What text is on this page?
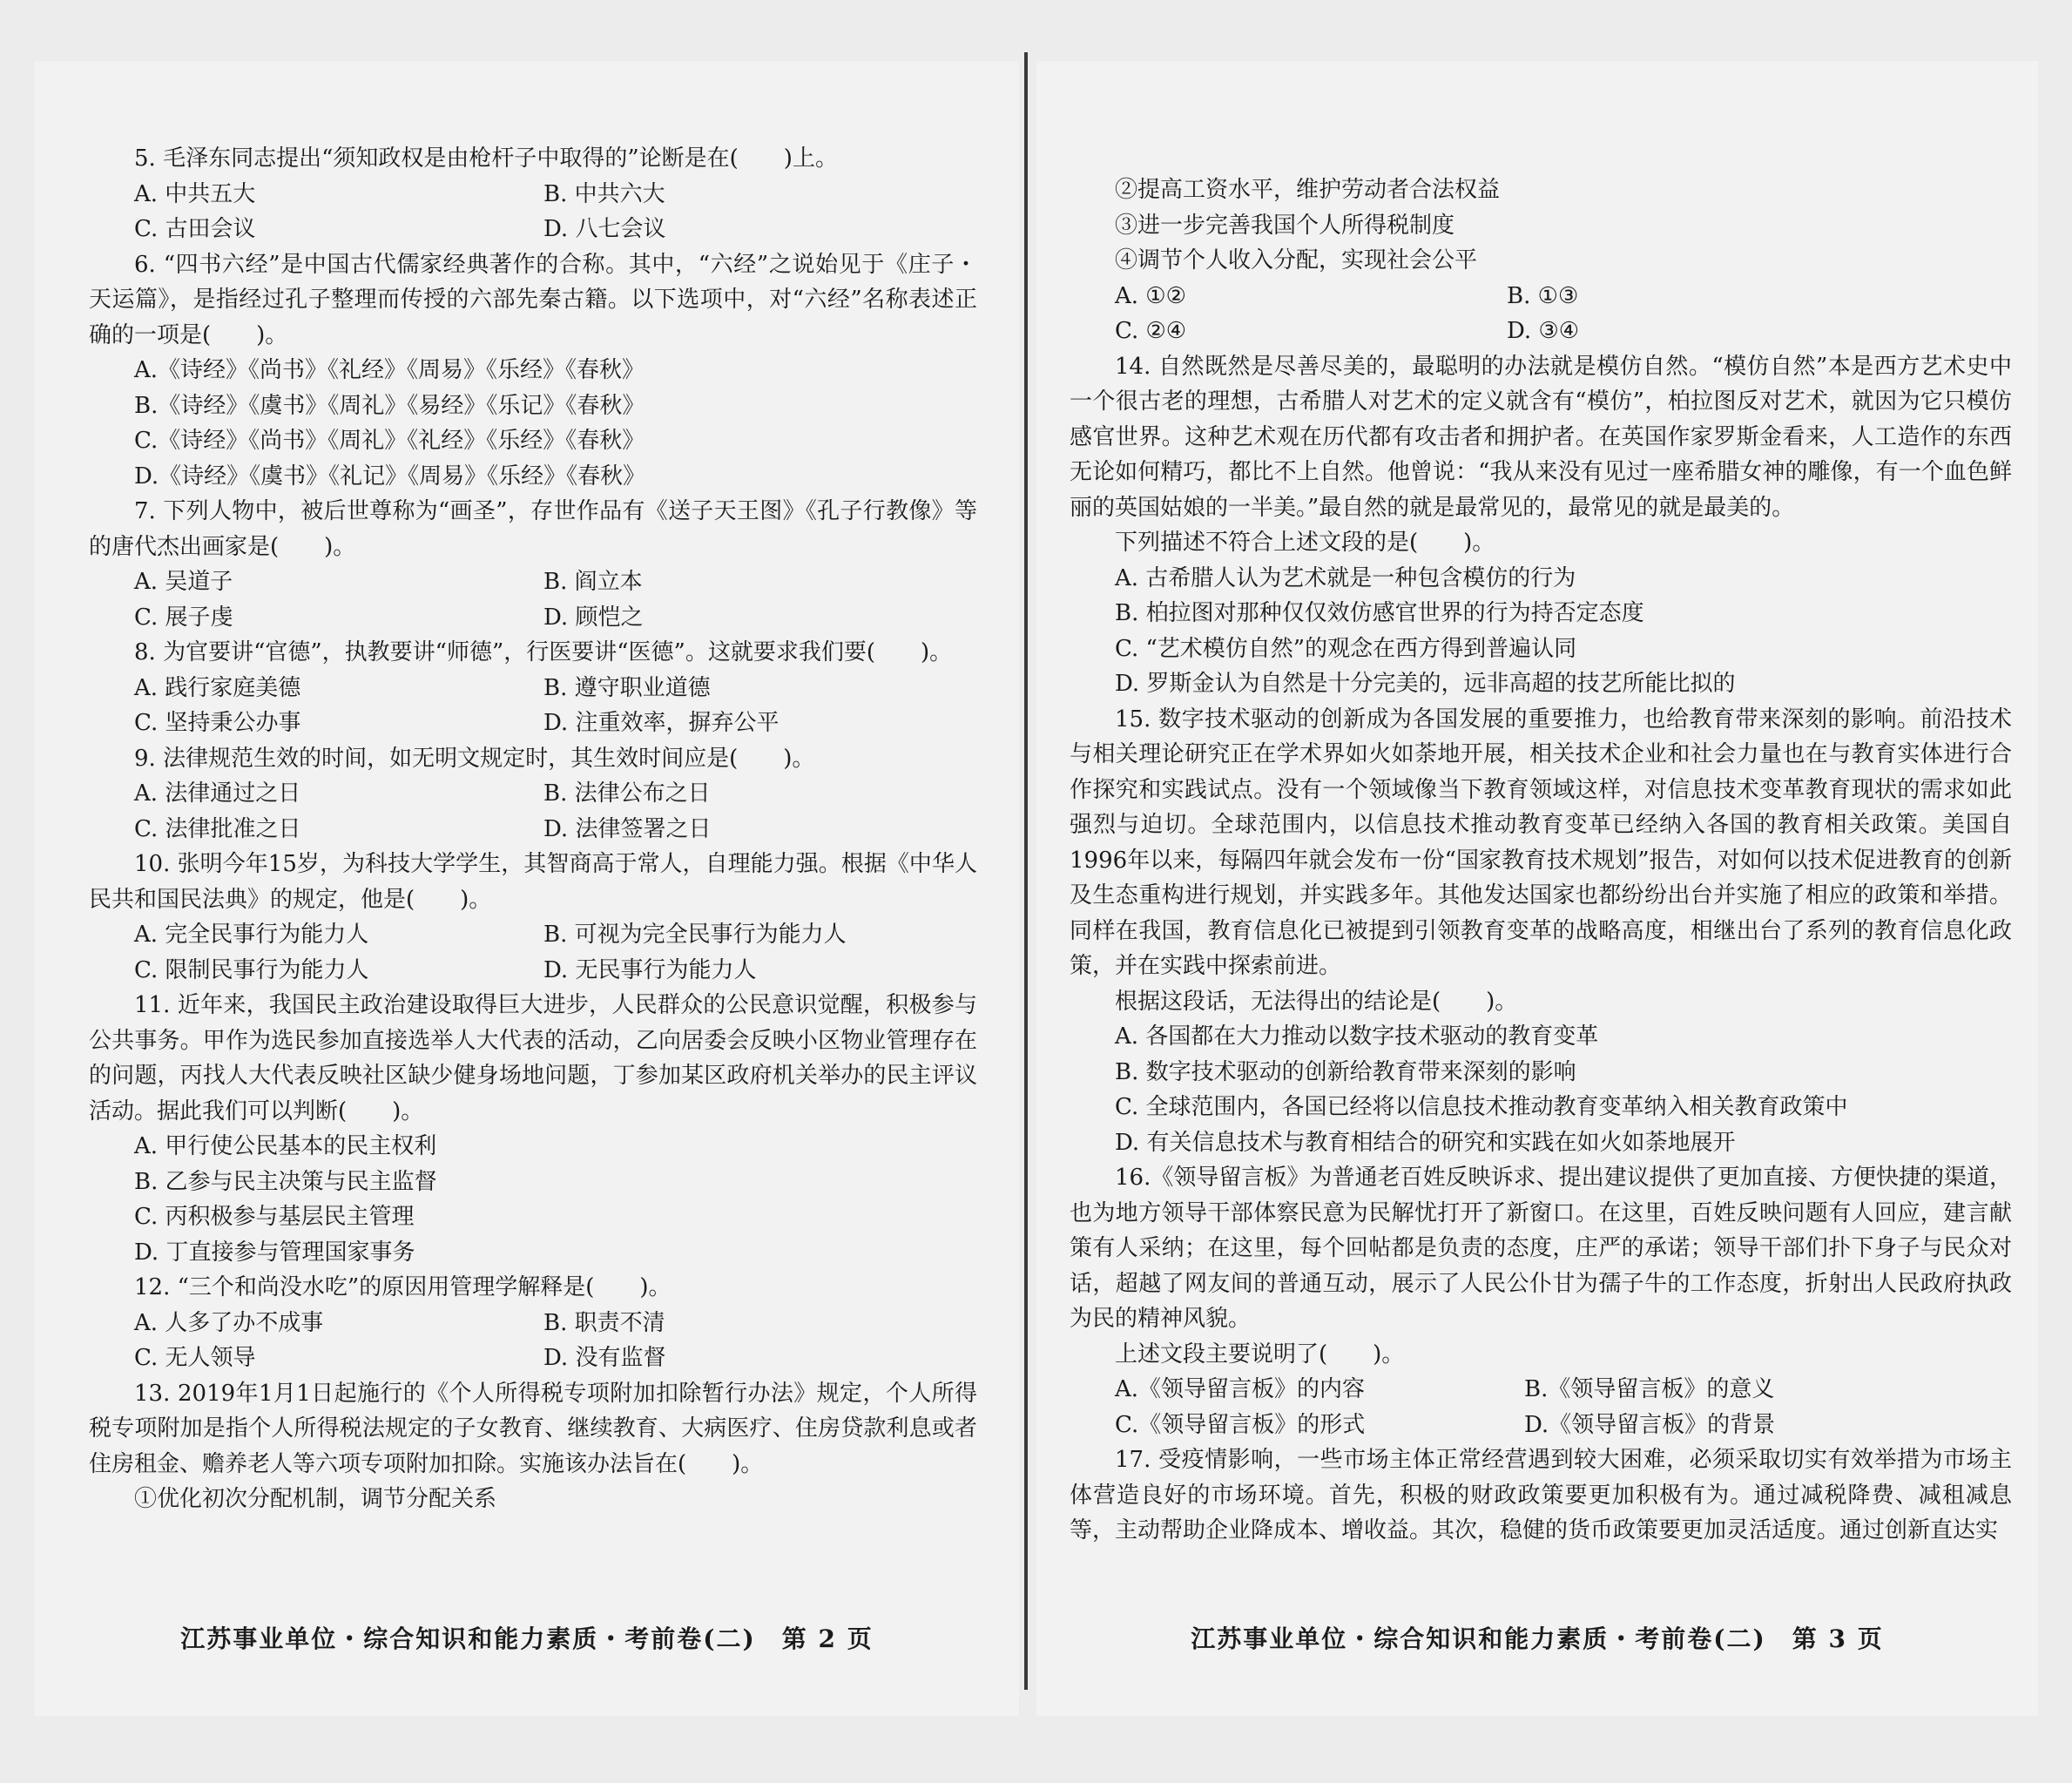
5. 毛泽东同志提出“须知政权是由枪杆子中取得的”论断是在(　　)上。

A. 中共五大	B. 中共六大
C. 古田会议	D. 八七会议

6. “四书六经”是中国古代儒家经典著作的合称。其中，“六经”之说始见于《庄子・天运篇》，是指经过孔子整理而传授的六部先秦古籍。以下选项中，对“六经”名称表述正确的一项是(　　)。

A.《诗经》《尚书》《礼经》《周易》《乐经》《春秋》
B.《诗经》《虞书》《周礼》《易经》《乐记》《春秋》
C.《诗经》《尚书》《周礼》《礼经》《乐经》《春秋》
D.《诗经》《虞书》《礼记》《周易》《乐经》《春秋》

7. 下列人物中，被后世尊称为“画圣”，存世作品有《送子天王图》《孔子行教像》等的唐代杰出画家是(　　)。

A. 吴道子	B. 阎立本
C. 展子虔	D. 顾恺之

8. 为官要讲“官德”，执教要讲“师德”，行医要讲“医德”。这就要求我们要(　　)。

A. 践行家庭美德	B. 遵守职业道德
C. 坚持秉公办事	D. 注重效率，摒弃公平

9. 法律规范生效的时间，如无明文规定时，其生效时间应是(　　)。

A. 法律通过之日	B. 法律公布之日
C. 法律批准之日	D. 法律签署之日

10. 张明今年15岁，为科技大学学生，其智商高于常人，自理能力强。根据《中华人民共和国民法典》的规定，他是(　　)。

A. 完全民事行为能力人	B. 可视为完全民事行为能力人
C. 限制民事行为能力人	D. 无民事行为能力人

11. 近年来，我国民主政治建设取得巨大进步，人民群众的公民意识觉醒，积极参与公共事务。甲作为选民参加直接选举人大代表的活动，乙向居委会反映小区物业管理存在的问题，丙找人大代表反映社区缺少健身场地问题，丁参加某区政府机关举办的民主评议活动。据此我们可以判断(　　)。

A. 甲行使公民基本的民主权利
B. 乙参与民主决策与民主监督
C. 丙积极参与基层民主管理
D. 丁直接参与管理国家事务

12. “三个和尚没水吃”的原因用管理学解释是(　　)。

A. 人多了办不成事	B. 职责不清
C. 无人领导	D. 没有监督

13. 2019年1月1日起施行的《个人所得税专项附加扣除暂行办法》规定，个人所得税专项附加是指个人所得税法规定的子女教育、继续教育、大病医疗、住房贷款利息或者住房租金、赡养老人等六项专项附加扣除。实施该办法旨在(　　)。

①优化初次分配机制，调节分配关系

江苏事业单位・综合知识和能力素质・考前卷(二)　第 2 页

②提高工资水平，维护劳动者合法权益

③进一步完善我国个人所得税制度

④调节个人收入分配，实现社会公平

A. ①②	B. ①③
C. ②④	D. ③④

14. 自然既然是尽善尽美的，最聪明的办法就是模仿自然。“模仿自然”本是西方艺术史中一个很古老的理想，古希腊人对艺术的定义就含有“模仿”，柏拉图反对艺术，就因为它只模仿感官世界。这种艺术观在历代都有攻击者和拥护者。在英国作家罗斯金看来，人工造作的东西无论如何精巧，都比不上自然。他曾说：“我从来没有见过一座希腊女神的雕像，有一个血色鲜丽的英国姑娘的一半美。”最自然的就是最常见的，最常见的就是最美的。

下列描述不符合上述文段的是(　　)。

A. 古希腊人认为艺术就是一种包含模仿的行为
B. 柏拉图对那种仅仅效仿感官世界的行为持否定态度
C. “艺术模仿自然”的观念在西方得到普遍认同
D. 罗斯金认为自然是十分完美的，远非高超的技艺所能比拟的

15. 数字技术驱动的创新成为各国发展的重要推力，也给教育带来深刻的影响。前沿技术与相关理论研究正在学术界如火如荼地开展，相关技术企业和社会力量也在与教育实体进行合作探究和实践试点。没有一个领域像当下教育领域这样，对信息技术变革教育现状的需求如此强烈与迫切。全球范围内，以信息技术推动教育变革已经纳入各国的教育相关政策。美国自1996年以来，每隔四年就会发布一份“国家教育技术规划”报告，对如何以技术促进教育的创新及生态重构进行规划，并实践多年。其他发达国家也都纷纷出台并实施了相应的政策和举措。同样在我国，教育信息化已被提到引领教育变革的战略高度，相继出台了系列的教育信息化政策，并在实践中探索前进。

根据这段话，无法得出的结论是(　　)。

A. 各国都在大力推动以数字技术驱动的教育变革
B. 数字技术驱动的创新给教育带来深刻的影响
C. 全球范围内，各国已经将以信息技术推动教育变革纳入相关教育政策中
D. 有关信息技术与教育相结合的研究和实践在如火如荼地展开

16.《领导留言板》为普通老百姓反映诉求、提出建议提供了更加直接、方便快捷的渠道，也为地方领导干部体察民意为民解忧打开了新窗口。在这里，百姓反映问题有人回应，建言献策有人采纳；在这里，每个回帖都是负责的态度，庄严的承诺；领导干部们扑下身子与民众对话，超越了网友间的普通互动，展示了人民公仆甘为孺子牛的工作态度，折射出人民政府执政为民的精神风貌。

上述文段主要说明了(　　)。

A.《领导留言板》的内容	B.《领导留言板》的意义
C.《领导留言板》的形式	D.《领导留言板》的背景

17. 受疫情影响，一些市场主体正常经营遇到较大困难，必须采取切实有效举措为市场主体营造良好的市场环境。首先，积极的财政政策要更加积极有为。通过减税降费、减租减息等，主动帮助企业降成本、增收益。其次，稳健的货币政策要更加灵活适度。通过创新直达实

江苏事业单位・综合知识和能力素质・考前卷(二)　第 3 页
